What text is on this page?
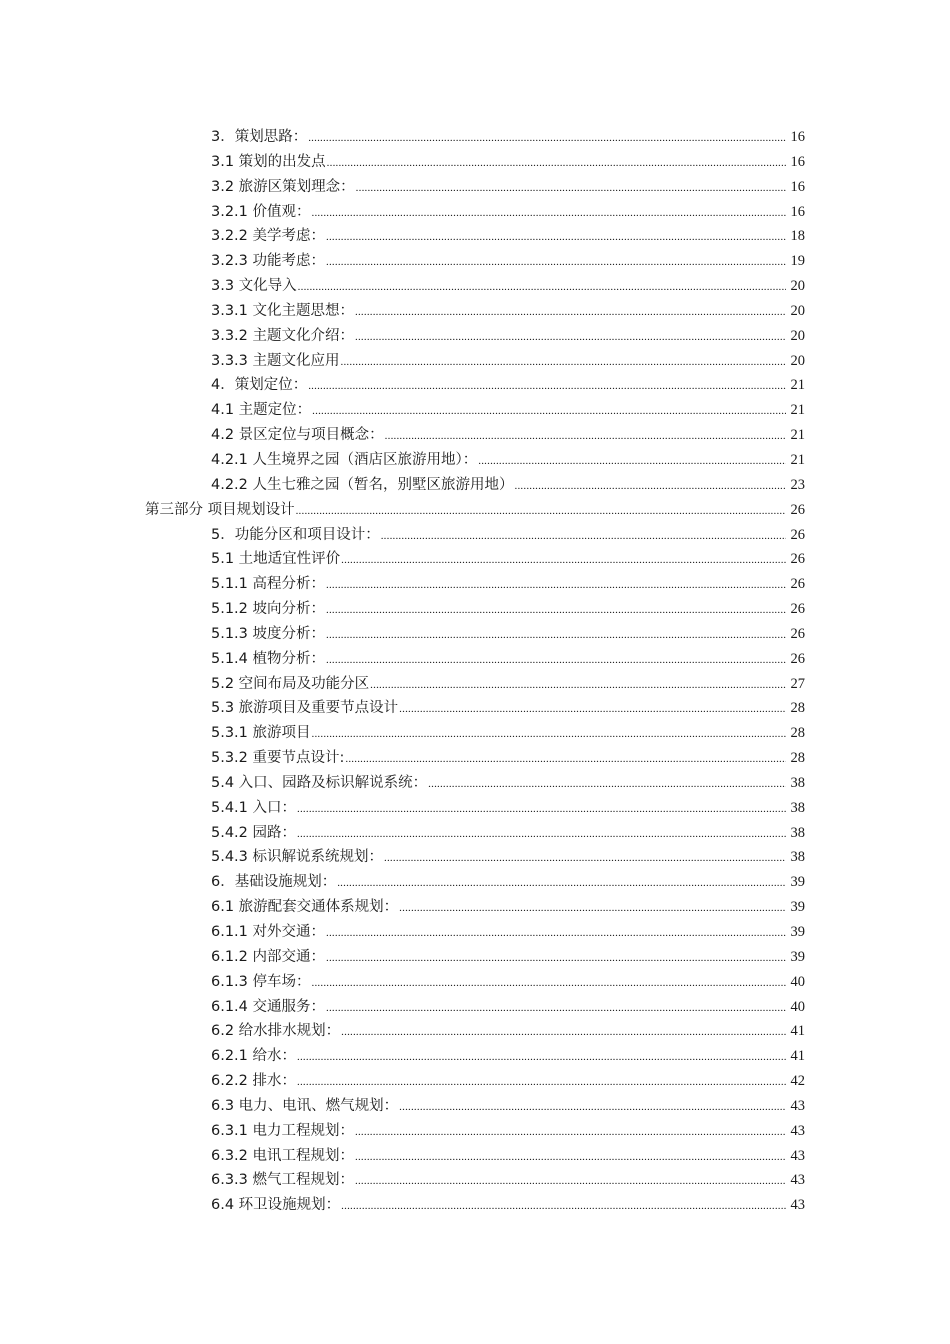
3．策划思路： .....	16
3.1 策划的出发点 .....	16
3.2 旅游区策划理念： .....	16
3.2.1 价值观： .....	16
3.2.2 美学考虑： .....	18
3.2.3 功能考虑： .....	19
3.3 文化导入 .....	20
3.3.1 文化主题思想： .....	20
3.3.2 主题文化介绍： .....	20
3.3.3 主题文化应用 .....	20
4．策划定位： .....	21
4.1 主题定位： .....	21
4.2 景区定位与项目概念： .....	21
4.2.1 人生境界之园（酒店区旅游用地）： .....	21
4.2.2 人生七雅之园（暂名，别墅区旅游用地） .....	23
第三部分 项目规划设计 .....	26
5．功能分区和项目设计： .....	26
5.1 土地适宜性评价 .....	26
5.1.1 高程分析： .....	26
5.1.2 坡向分析： .....	26
5.1.3 坡度分析： .....	26
5.1.4 植物分析： .....	26
5.2 空间布局及功能分区 .....	27
5.3 旅游项目及重要节点设计 .....	28
5.3.1 旅游项目 .....	28
5.3.2 重要节点设计: .....	28
5.4 入口、园路及标识解说系统： .....	38
5.4.1 入口： .....	38
5.4.2 园路： .....	38
5.4.3 标识解说系统规划： .....	38
6．基础设施规划： .....	39
6.1 旅游配套交通体系规划： .....	39
6.1.1 对外交通： .....	39
6.1.2 内部交通： .....	39
6.1.3 停车场： .....	40
6.1.4 交通服务： .....	40
6.2 给水排水规划： .....	41
6.2.1 给水： .....	41
6.2.2 排水： .....	42
6.3 电力、电讯、燃气规划： .....	43
6.3.1 电力工程规划： .....	43
6.3.2 电讯工程规划： .....	43
6.3.3 燃气工程规划： .....	43
6.4 环卫设施规划： .....	43
